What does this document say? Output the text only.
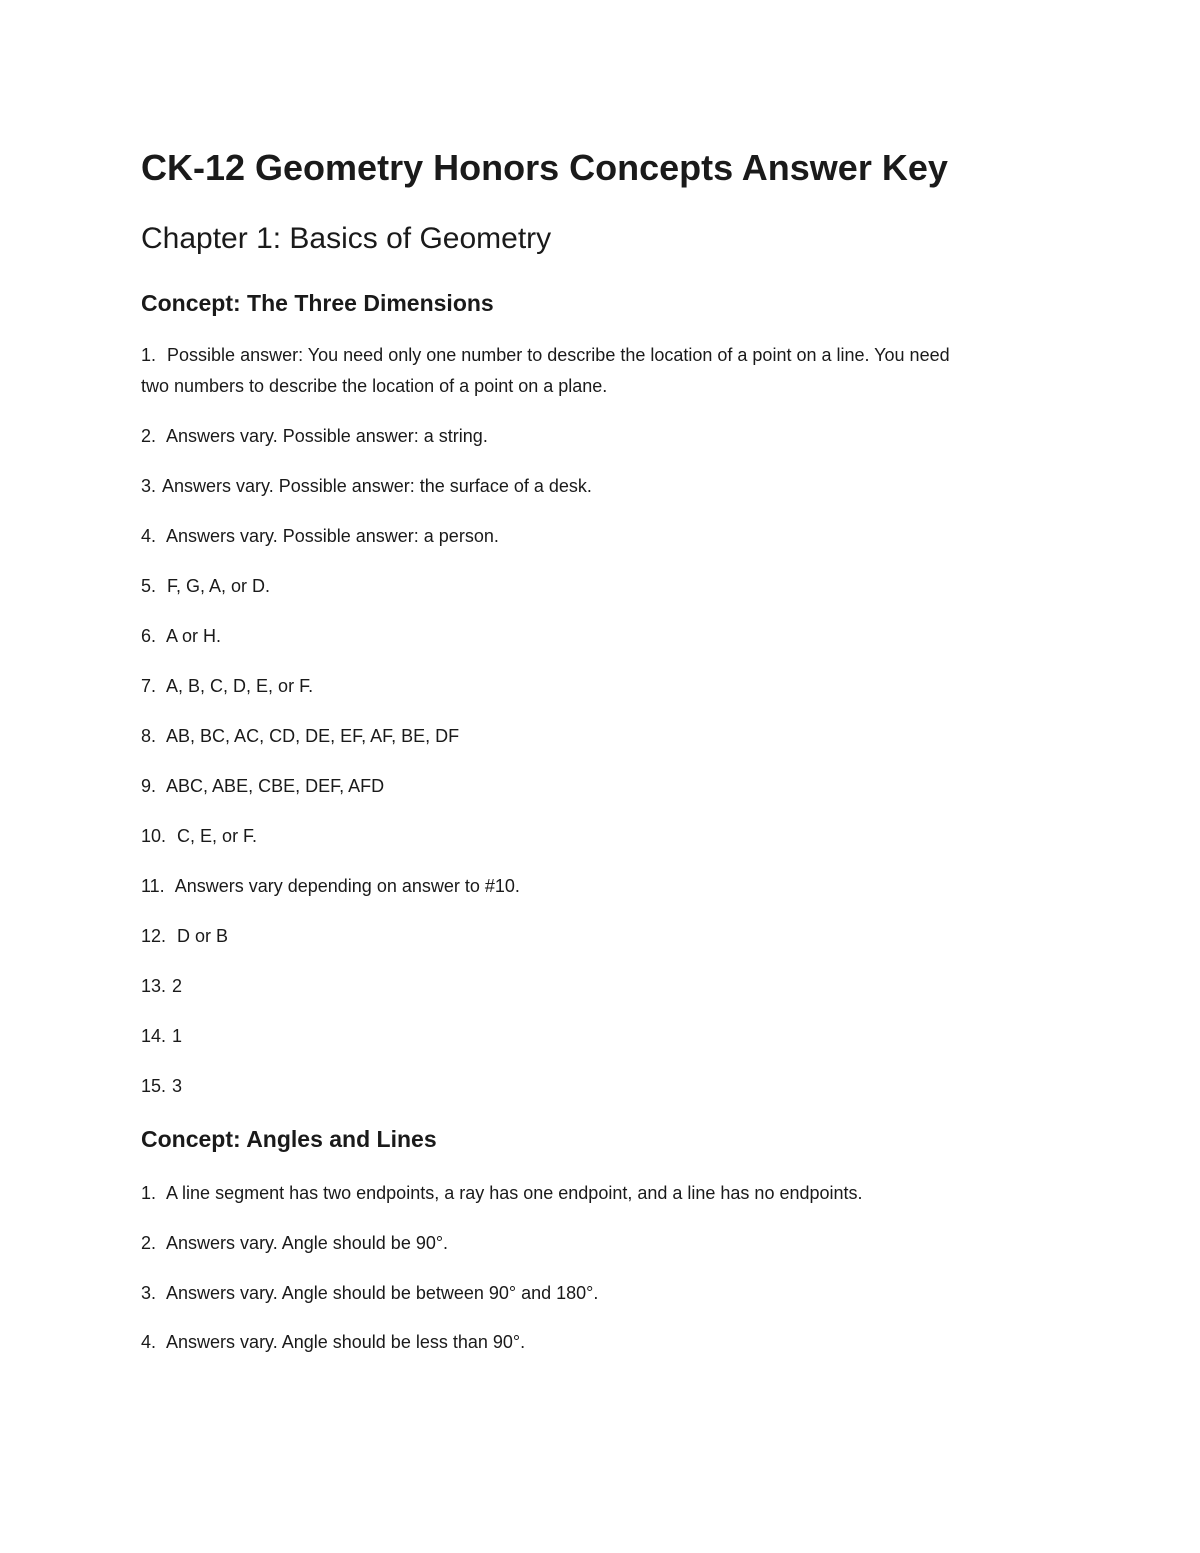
CK-12 Geometry Honors Concepts Answer Key
Chapter 1: Basics of Geometry
Concept: The Three Dimensions

1. Possible answer: You need only one number to describe the location of a point on a line. You need

two numbers to describe the location of a point on a plane.

2. Answers vary. Possible answer: a string.

3. Answers vary. Possible answer: the surface of a desk.

4. Answers vary. Possible answer: a person.

5. F, G, A, or D.

6. A or H.

7. A, B, C, D, E, or F.

8. AB, BC, AC, CD, DE, EF, AF, BE, DF

9. ABC, ABE, CBE, DEF, AFD

10. C, E, or F.

11. Answers vary depending on answer to #10.

12. D or B

13. 2

14. 1

15. 3

Concept: Angles and Lines

1. A line segment has two endpoints, a ray has one endpoint, and a line has no endpoints.

2. Answers vary. Angle should be 90°.

3. Answers vary. Angle should be between 90° and 180°.

4. Answers vary. Angle should be less than 90°.
